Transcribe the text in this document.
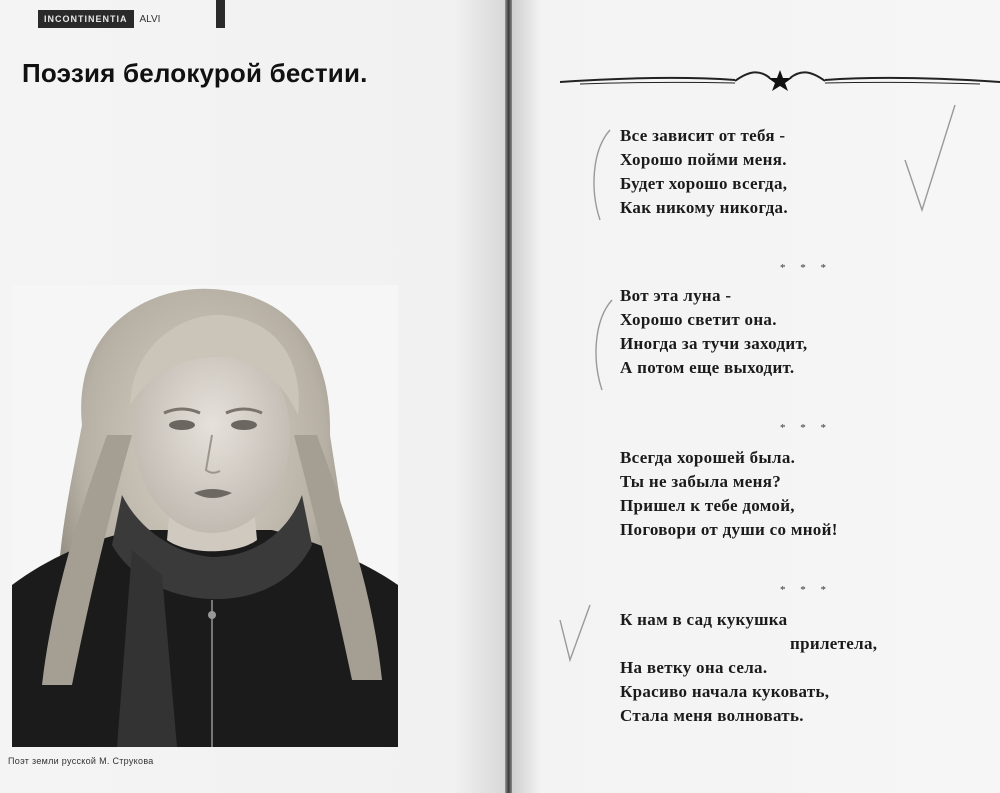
INCONTINENTIA	ALVI
Поэзия белокурой бестии.
Поэт земли русской М. Струкова
Все зависит от тебя -
Хорошо пойми меня.
Будет хорошо всегда,
Как никому никогда.
* * *
Вот эта луна -
Хорошо светит она.
Иногда за тучи заходит,
А потом еще выходит.
* * *
Всегда хорошей была.
Ты не забыла меня?
Пришел к тебе домой,
Поговори от души со мной!
* * *
К нам в сад кукушка
прилетела,
На ветку она села.
Красиво начала куковать,
Стала меня волновать.
